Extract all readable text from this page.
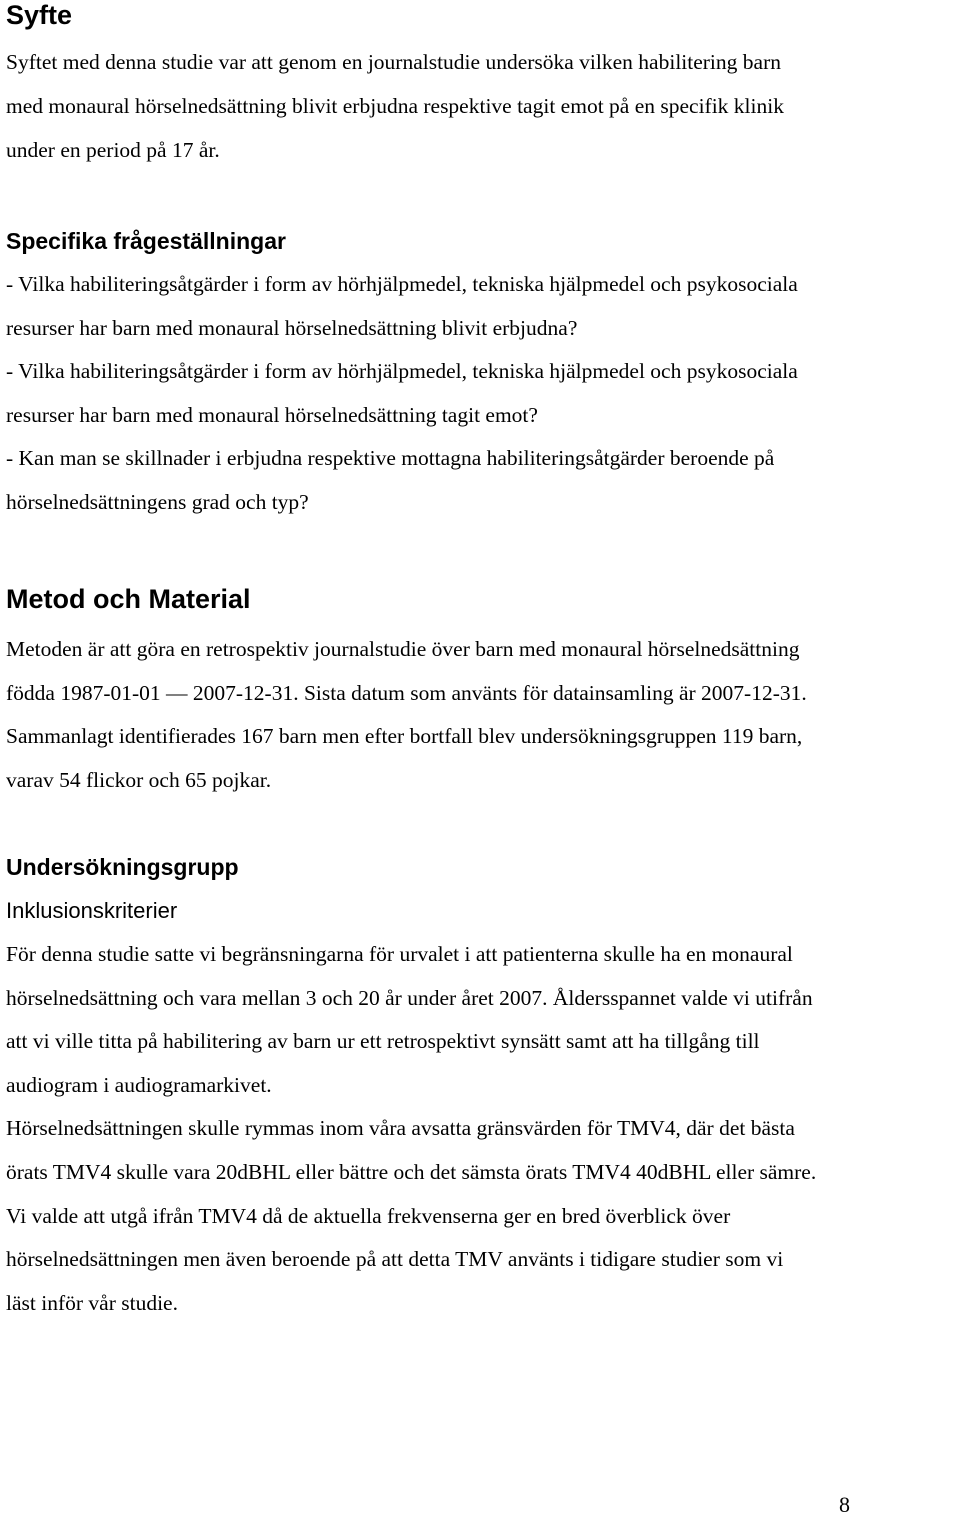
Syfte

Syftet med denna studie var att genom en journalstudie undersöka vilken habilitering barn

med monaural hörselnedsättning blivit erbjudna respektive tagit emot på en specifik klinik

under en period på 17 år.

Specifika frågeställningar

- Vilka habiliteringsåtgärder i form av hörhjälpmedel, tekniska hjälpmedel och psykosociala

resurser har barn med monaural hörselnedsättning blivit erbjudna?

- Vilka habiliteringsåtgärder i form av hörhjälpmedel, tekniska hjälpmedel och psykosociala

resurser har barn med monaural hörselnedsättning tagit emot?

- Kan man se skillnader i erbjudna respektive mottagna habiliteringsåtgärder beroende på

hörselnedsättningens grad och typ?

Metod och Material

Metoden är att göra en retrospektiv journalstudie över barn med monaural hörselnedsättning

födda 1987-01-01 — 2007-12-31. Sista datum som använts för datainsamling är 2007-12-31.

Sammanlagt identifierades 167 barn men efter bortfall blev undersökningsgruppen 119 barn,

varav 54 flickor och 65 pojkar.

Undersökningsgrupp
Inklusionskriterier

För denna studie satte vi begränsningarna för urvalet i att patienterna skulle ha en monaural

hörselnedsättning och vara mellan 3 och 20 år under året 2007. Åldersspannet valde vi utifrån

att vi ville titta på habilitering av barn ur ett retrospektivt synsätt samt att ha tillgång till

audiogram i audiogramarkivet.

Hörselnedsättningen skulle rymmas inom våra avsatta gränsvärden för TMV4, där det bästa

örats TMV4 skulle vara 20dBHL eller bättre och det sämsta örats TMV4 40dBHL eller sämre.

Vi valde att utgå ifrån TMV4 då de aktuella frekvenserna ger en bred överblick över

hörselnedsättningen men även beroende på att detta TMV använts i tidigare studier som vi

läst inför vår studie.

8
